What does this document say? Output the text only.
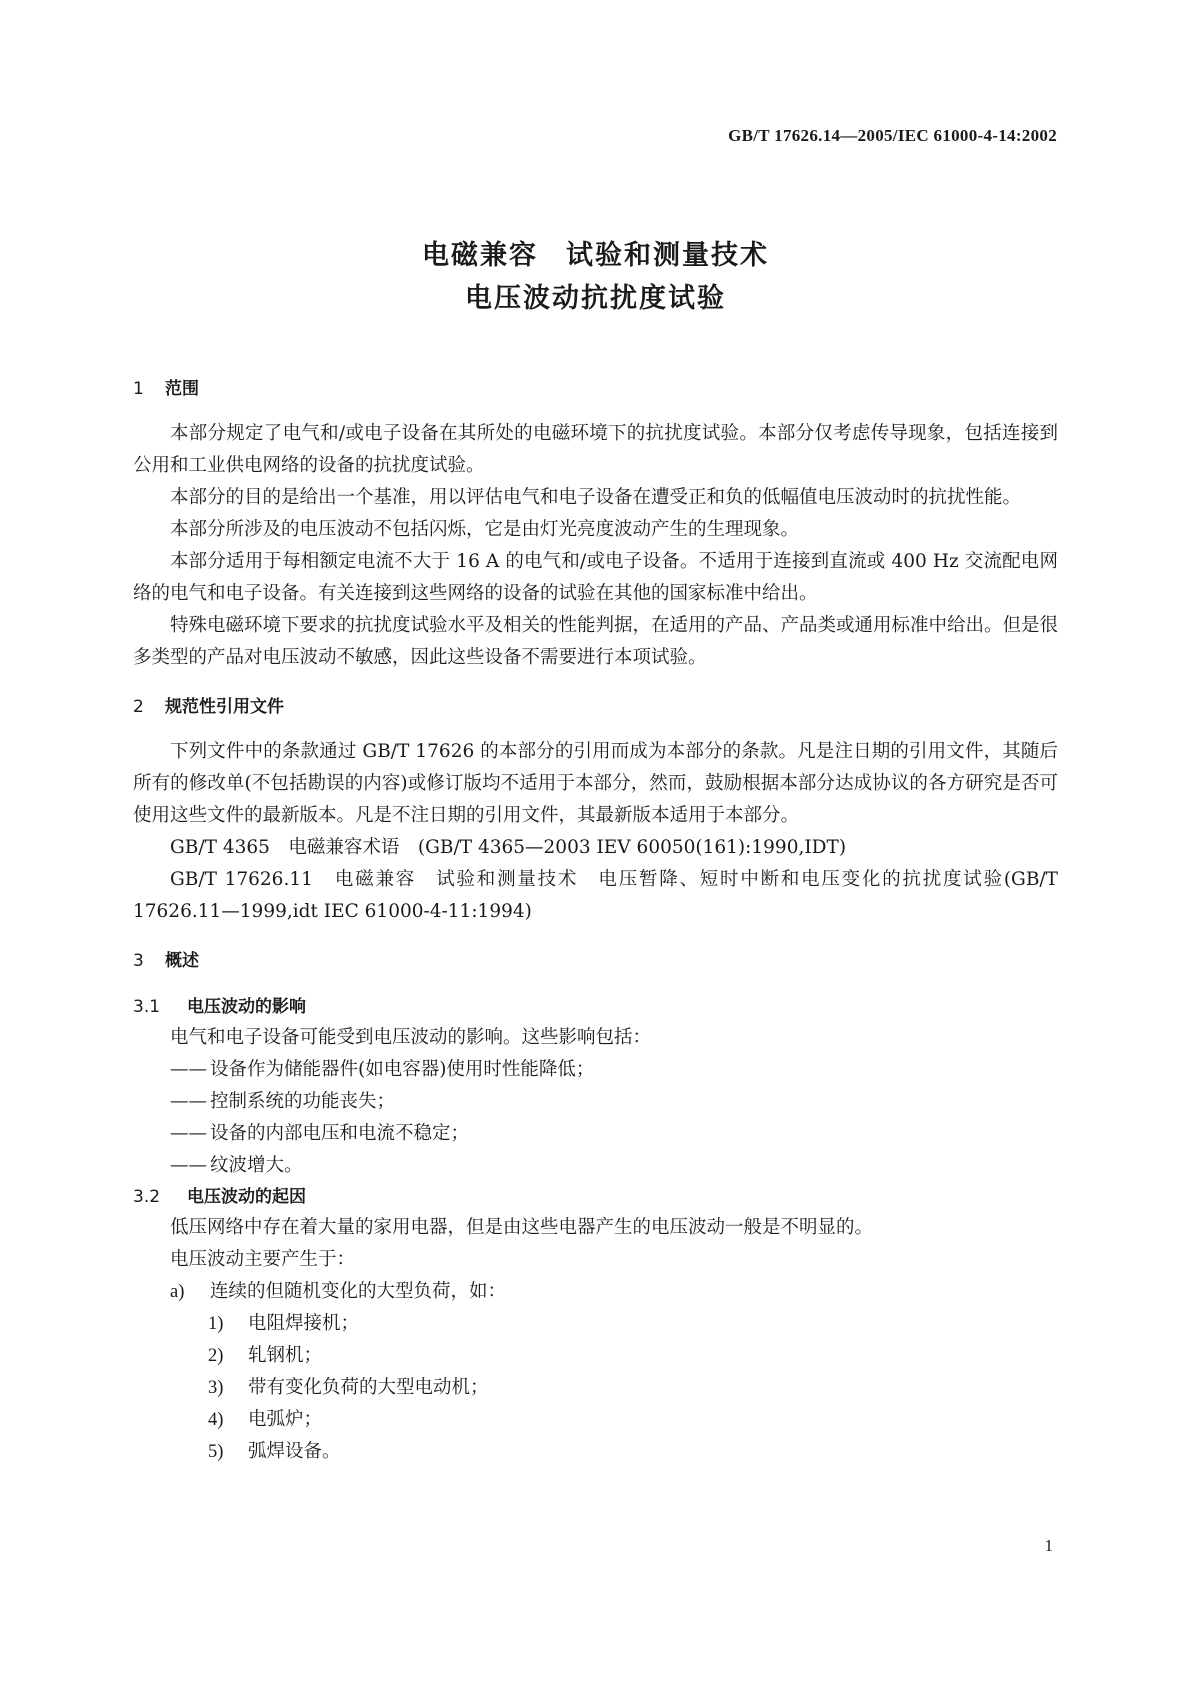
GB/T 17626.14—2005/IEC 61000-4-14:2002
电磁兼容 试验和测量技术
电压波动抗扰度试验
1 范围
本部分规定了电气和/或电子设备在其所处的电磁环境下的抗扰度试验。本部分仅考虑传导现象，包括连接到公用和工业供电网络的设备的抗扰度试验。
本部分的目的是给出一个基准，用以评估电气和电子设备在遭受正和负的低幅值电压波动时的抗扰性能。
本部分所涉及的电压波动不包括闪烁，它是由灯光亮度波动产生的生理现象。
本部分适用于每相额定电流不大于 16 A 的电气和/或电子设备。不适用于连接到直流或 400 Hz 交流配电网络的电气和电子设备。有关连接到这些网络的设备的试验在其他的国家标准中给出。
特殊电磁环境下要求的抗扰度试验水平及相关的性能判据，在适用的产品、产品类或通用标准中给出。但是很多类型的产品对电压波动不敏感，因此这些设备不需要进行本项试验。
2 规范性引用文件
下列文件中的条款通过 GB/T 17626 的本部分的引用而成为本部分的条款。凡是注日期的引用文件，其随后所有的修改单(不包括勘误的内容)或修订版均不适用于本部分，然而，鼓励根据本部分达成协议的各方研究是否可使用这些文件的最新版本。凡是不注日期的引用文件，其最新版本适用于本部分。
GB/T 4365　电磁兼容术语　(GB/T 4365—2003 IEV 60050(161):1990,IDT)
GB/T 17626.11　电磁兼容　试验和测量技术　电压暂降、短时中断和电压变化的抗扰度试验(GB/T 17626.11—1999,idt IEC 61000-4-11:1994)
3 概述
3.1 电压波动的影响
电气和电子设备可能受到电压波动的影响。这些影响包括：
—— 设备作为储能器件(如电容器)使用时性能降低；
—— 控制系统的功能丧失；
—— 设备的内部电压和电流不稳定；
—— 纹波增大。
3.2 电压波动的起因
低压网络中存在着大量的家用电器，但是由这些电器产生的电压波动一般是不明显的。
电压波动主要产生于：
a) 连续的但随机变化的大型负荷，如：
1) 电阻焊接机；
2) 轧钢机；
3) 带有变化负荷的大型电动机；
4) 电弧炉；
5) 弧焊设备。
1
